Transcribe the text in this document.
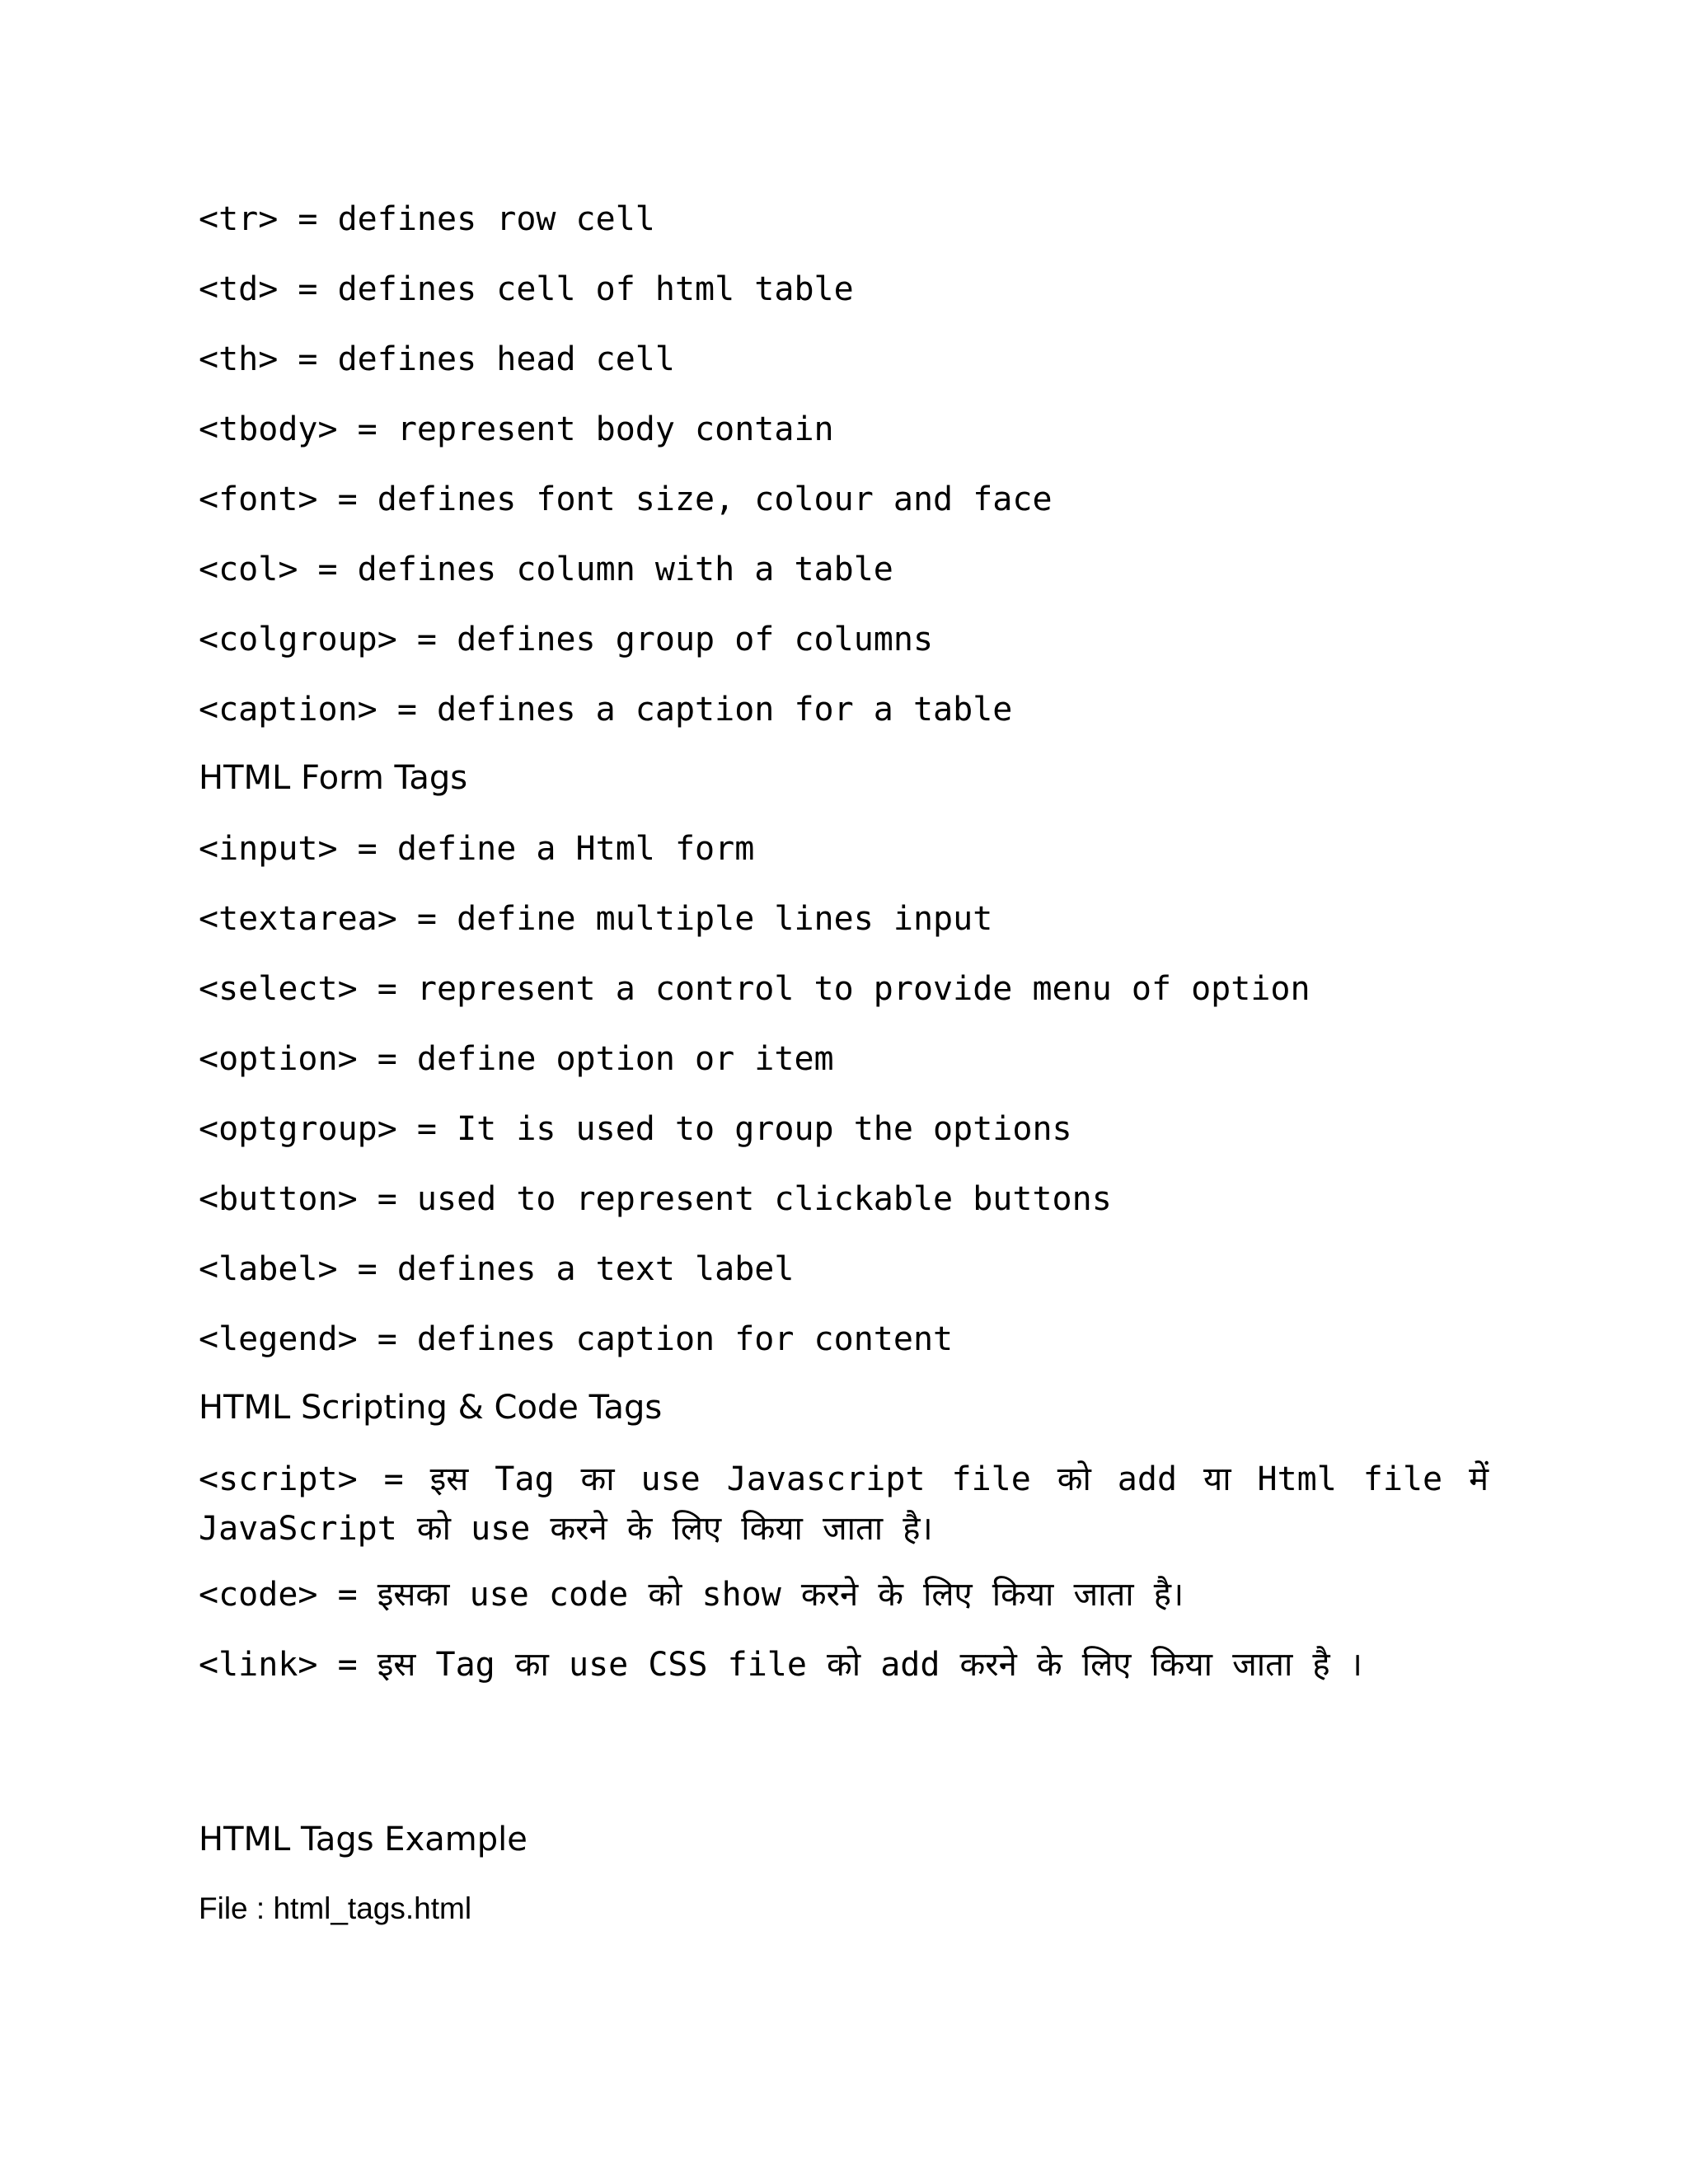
<tr> = defines row cell
<td> = defines cell of html table
<th> = defines head cell
<tbody> = represent body contain
<font> = defines font size, colour and face
<col> = defines column with a table
<colgroup> = defines group of columns
<caption> = defines a caption for a table
HTML Form Tags
<input> = define a Html form
<textarea> = define multiple lines input
<select> = represent a control to provide menu of option
<option> = define option or item
<optgroup> = It is used to group the options
<button> = used to represent clickable buttons
<label> = defines a text label
<legend> = defines caption for content
HTML Scripting & Code Tags
<script> = इस Tag का use Javascript file को add या Html file में JavaScript को use करने के लिए किया जाता है।
<code> = इसका use code को show करने के लिए किया जाता है।
<link> = इस Tag का use CSS file को add करने के लिए किया जाता है ।
HTML Tags Example
File : html_tags.html
